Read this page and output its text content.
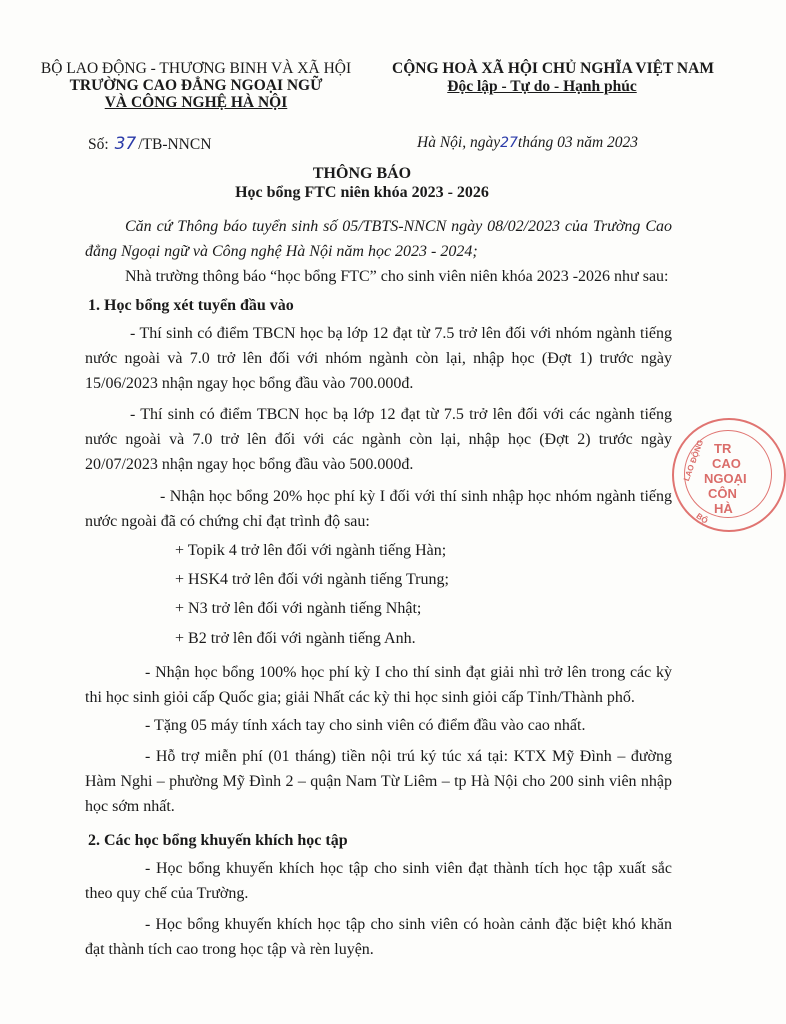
BỘ LAO ĐỘNG - THƯƠNG BINH VÀ XÃ HỘI
TRƯỜNG CAO ĐẲNG NGOẠI NGỮ
VÀ CÔNG NGHỆ HÀ NỘI
CỘNG HOÀ XÃ HỘI CHỦ NGHĨA VIỆT NAM
Độc lập - Tự do - Hạnh phúc
Số: 37 /TB-NNCN	Hà Nội, ngày27tháng 03 năm 2023
THÔNG BÁO
Học bổng FTC niên khóa 2023 - 2026
Căn cứ Thông báo tuyển sinh số 05/TBTS-NNCN ngày 08/02/2023 của Trường Cao đẳng Ngoại ngữ và Công nghệ Hà Nội năm học 2023 - 2024;
Nhà trường thông báo “học bổng FTC” cho sinh viên niên khóa 2023 -2026 như sau:
1. Học bổng xét tuyển đầu vào
- Thí sinh có điểm TBCN học bạ lớp 12 đạt từ 7.5 trở lên đối với nhóm ngành tiếng nước ngoài và 7.0 trở lên đối với nhóm ngành còn lại, nhập học (Đợt 1) trước ngày 15/06/2023 nhận ngay học bổng đầu vào 700.000đ.
- Thí sinh có điểm TBCN học bạ lớp 12 đạt từ 7.5 trở lên đối với các ngành tiếng nước ngoài và 7.0 trở lên đối với các ngành còn lại, nhập học (Đợt 2) trước ngày 20/07/2023 nhận ngay học bổng đầu vào 500.000đ.
- Nhận học bổng 20% học phí kỳ I đối với thí sinh nhập học nhóm ngành tiếng nước ngoài đã có chứng chỉ đạt trình độ sau:
+ Topik 4 trở lên đối với ngành tiếng Hàn;
+ HSK4 trở lên đối với ngành tiếng Trung;
+ N3 trở lên đối với ngành tiếng Nhật;
+ B2 trở lên đối với ngành tiếng Anh.
- Nhận học bổng 100% học phí kỳ I cho thí sinh đạt giải nhì trở lên trong các kỳ thi học sinh giỏi cấp Quốc gia; giải Nhất các kỳ thi học sinh giỏi cấp Tỉnh/Thành phố.
- Tặng 05 máy tính xách tay cho sinh viên có điểm đầu vào cao nhất.
- Hỗ trợ miễn phí (01 tháng) tiền nội trú ký túc xá tại: KTX Mỹ Đình – đường Hàm Nghi – phường Mỹ Đình 2 – quận Nam Từ Liêm – tp Hà Nội cho 200 sinh viên nhập học sớm nhất.
2. Các học bổng khuyến khích học tập
- Học bổng khuyến khích học tập cho sinh viên đạt thành tích học tập xuất sắc theo quy chế của Trường.
- Học bổng khuyến khích học tập cho sinh viên có hoàn cảnh đặc biệt khó khăn đạt thành tích cao trong học tập và rèn luyện.
TR
CAO
NGOẠI
CÔN
HÀ
LAO ĐỘNG
BỘ
